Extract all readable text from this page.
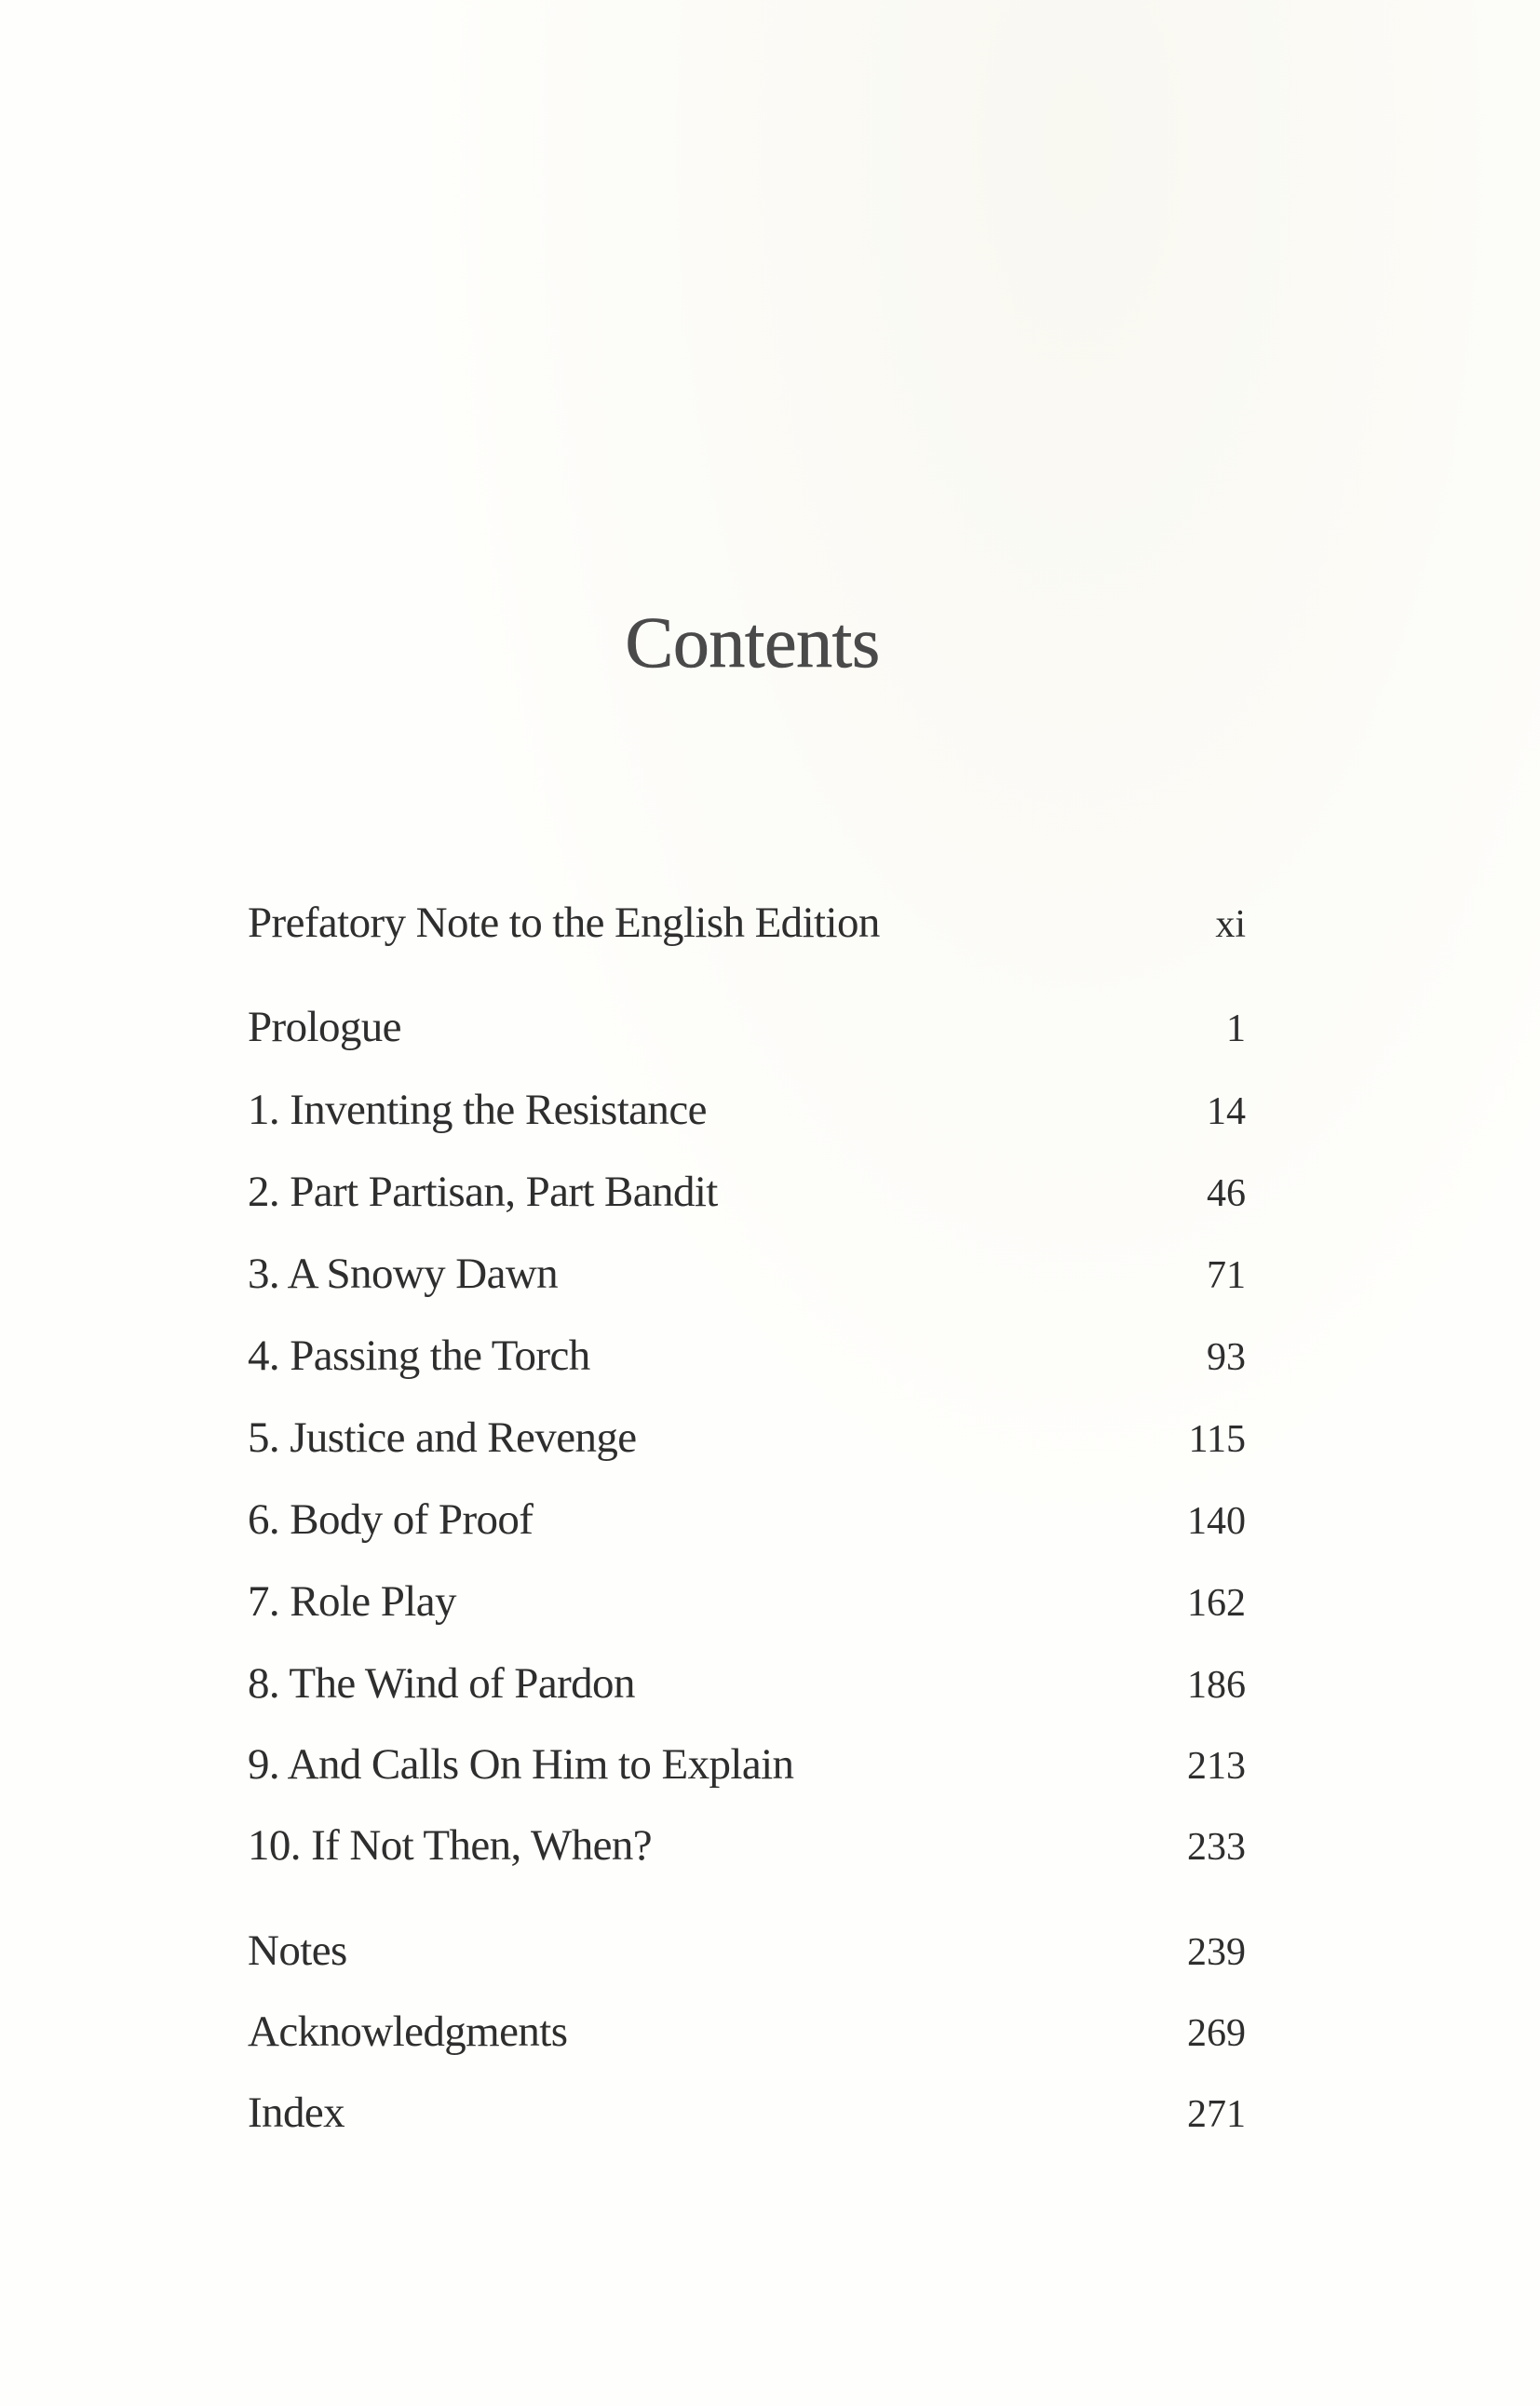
Contents
Prefatory Note to the English Edition	xi
Prologue	1
1. Inventing the Resistance	14
2. Part Partisan, Part Bandit	46
3. A Snowy Dawn	71
4. Passing the Torch	93
5. Justice and Revenge	115
6. Body of Proof	140
7. Role Play	162
8. The Wind of Pardon	186
9. And Calls On Him to Explain	213
10. If Not Then, When?	233
Notes	239
Acknowledgments	269
Index	271
